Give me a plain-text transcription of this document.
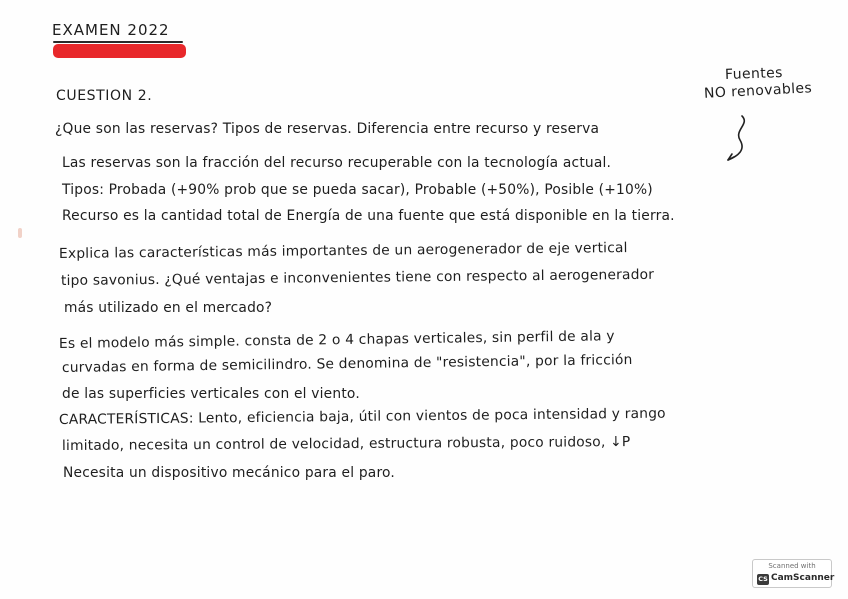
EXAMEN 2022
CUESTION 2.
Fuentes
NO renovables
¿Que son las reservas? Tipos de reservas. Diferencia entre recurso y reserva
Las reservas son la fracción del recurso recuperable con la tecnología actual.
Tipos: Probada (+90% prob que se pueda sacar), Probable (+50%), Posible (+10%)
Recurso es la cantidad total de Energía de una fuente que está disponible en la tierra.
Explica las características más importantes de un aerogenerador de eje vertical
tipo savonius. ¿Qué ventajas e inconvenientes tiene con respecto al aerogenerador
más utilizado en el mercado?
Es el modelo más simple. consta de 2 o 4 chapas verticales, sin perfil de ala y
curvadas en forma de semicilindro. Se denomina de "resistencia", por la fricción
de las superficies verticales con el viento.
CARACTERÍSTICAS: Lento, eficiencia baja, útil con vientos de poca intensidad y rango
limitado, necesita un control de velocidad, estructura robusta, poco ruidoso, ↓P
Necesita un dispositivo mecánico para el paro.
Scanned with
CS CamScanner
